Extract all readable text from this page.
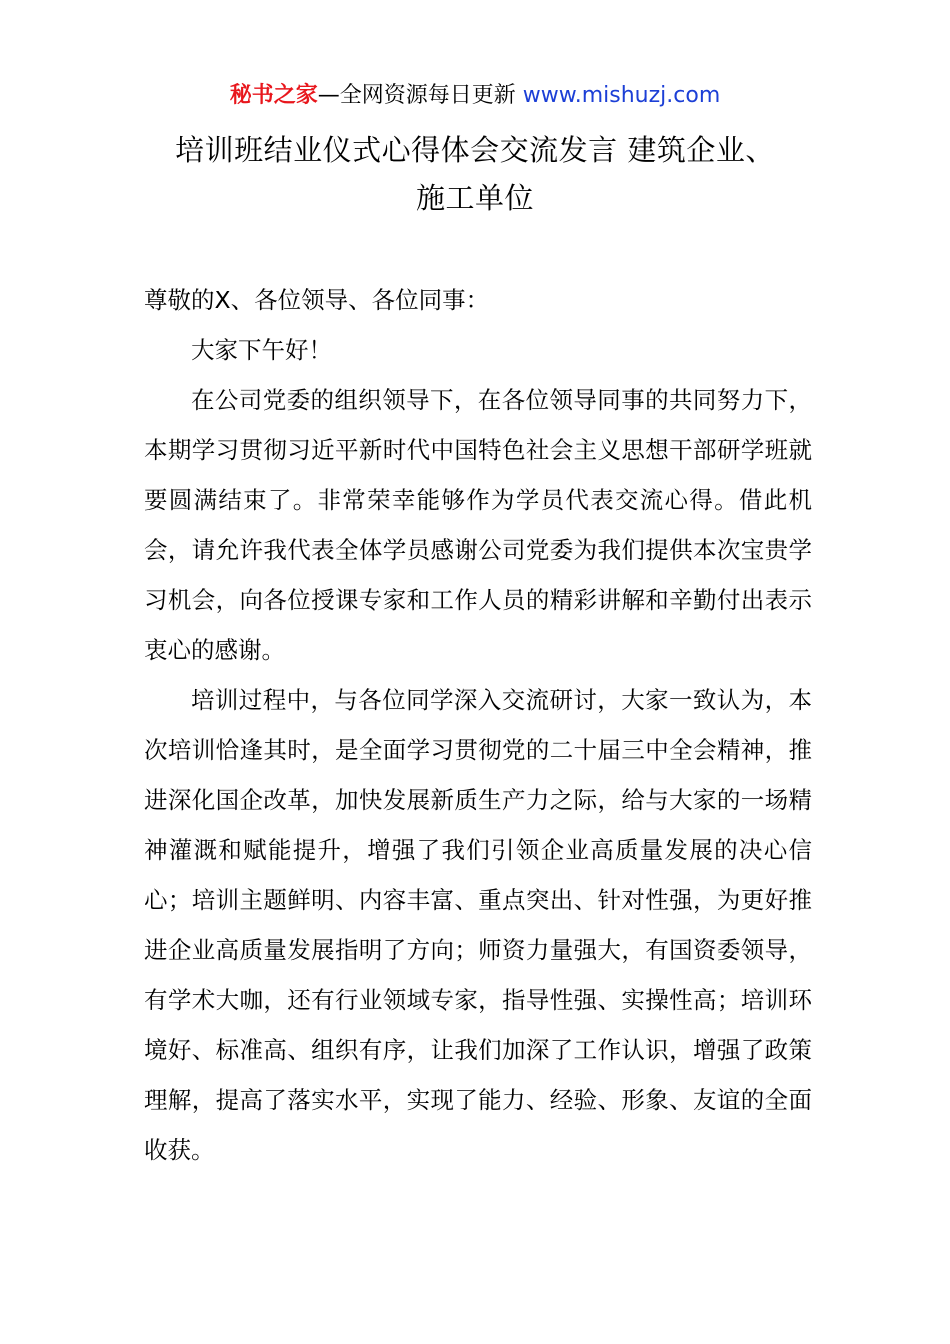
秘书之家—全网资源每日更新 www.mishuzj.com
培训班结业仪式心得体会交流发言 建筑企业、
施工单位

尊敬的X、各位领导、各位同事：

大家下午好！

在公司党委的组织领导下，在各位领导同事的共同努力下，本期学习贯彻习近平新时代中国特色社会主义思想干部研学班就要圆满结束了。非常荣幸能够作为学员代表交流心得。借此机会，请允许我代表全体学员感谢公司党委为我们提供本次宝贵学习机会，向各位授课专家和工作人员的精彩讲解和辛勤付出表示衷心的感谢。

培训过程中，与各位同学深入交流研讨，大家一致认为，本次培训恰逢其时，是全面学习贯彻党的二十届三中全会精神，推进深化国企改革，加快发展新质生产力之际，给与大家的一场精神灌溉和赋能提升，增强了我们引领企业高质量发展的决心信心；培训主题鲜明、内容丰富、重点突出、针对性强，为更好推进企业高质量发展指明了方向；师资力量强大，有国资委领导，有学术大咖，还有行业领域专家，指导性强、实操性高；培训环境好、标准高、组织有序，让我们加深了工作认识，增强了政策理解，提高了落实水平，实现了能力、经验、形象、友谊的全面收获。
